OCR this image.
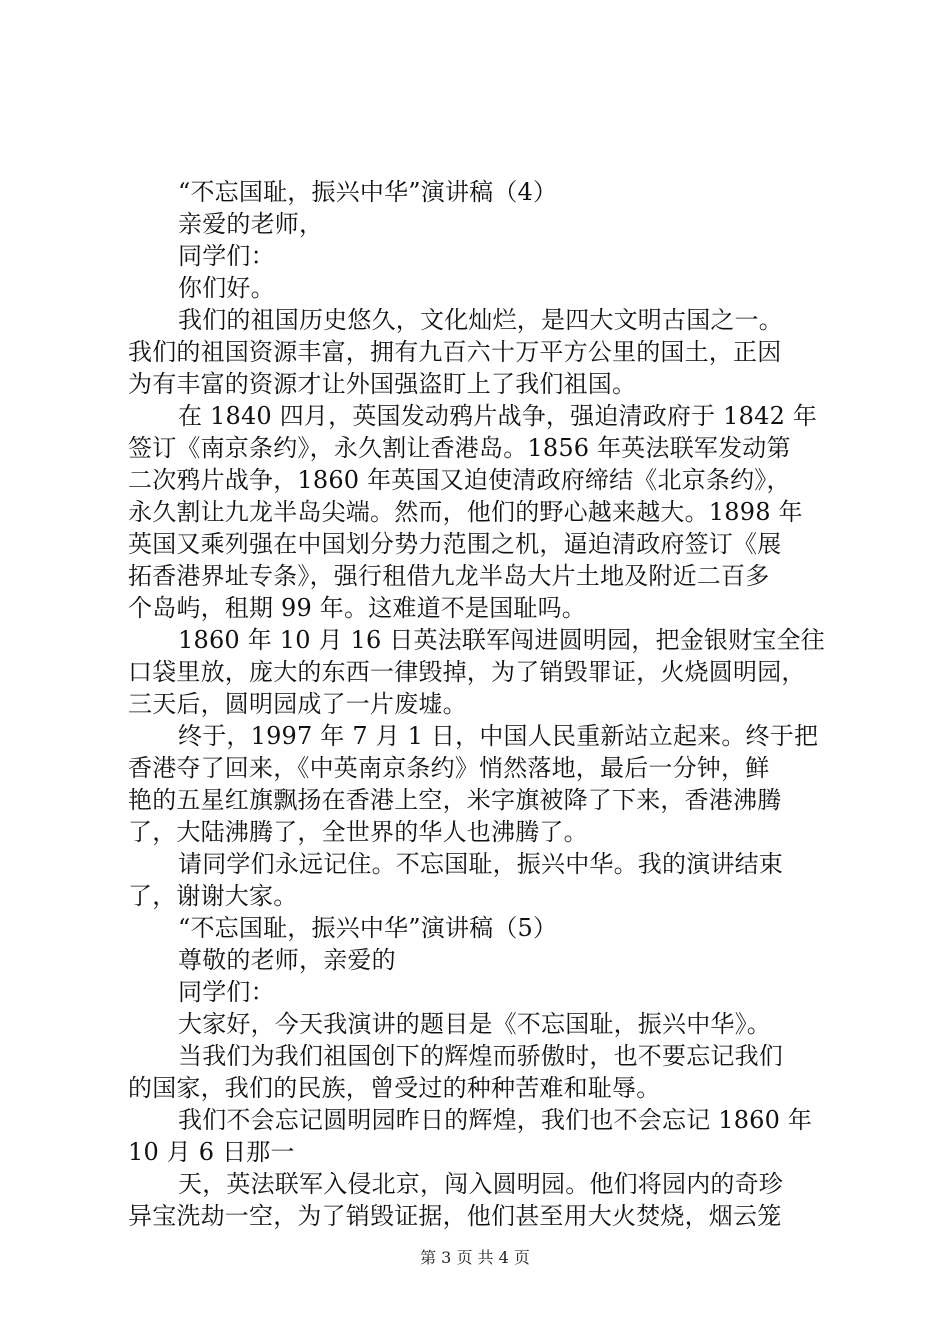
“不忘国耻，振兴中华”演讲稿（4）
亲爱的老师，
同学们：
你们好。
我们的祖国历史悠久，文化灿烂，是四大文明古国之一。
我们的祖国资源丰富，拥有九百六十万平方公里的国土，正因
为有丰富的资源才让外国强盗盯上了我们祖国。
在 1840 四月，英国发动鸦片战争，强迫清政府于 1842 年
签订《南京条约》，永久割让香港岛。1856 年英法联军发动第
二次鸦片战争，1860 年英国又迫使清政府缔结《北京条约》，
永久割让九龙半岛尖端。然而，他们的野心越来越大。1898 年
英国又乘列强在中国划分势力范围之机，逼迫清政府签订《展
拓香港界址专条》，强行租借九龙半岛大片土地及附近二百多
个岛屿，租期 99 年。这难道不是国耻吗。
1860 年 10 月 16 日英法联军闯进圆明园，把金银财宝全往
口袋里放，庞大的东西一律毁掉，为了销毁罪证，火烧圆明园，
三天后，圆明园成了一片废墟。
终于，1997 年 7 月 1 日，中国人民重新站立起来。终于把
香港夺了回来，《中英南京条约》悄然落地，最后一分钟，鲜
艳的五星红旗飘扬在香港上空，米字旗被降了下来，香港沸腾
了，大陆沸腾了，全世界的华人也沸腾了。
请同学们永远记住。不忘国耻，振兴中华。我的演讲结束
了，谢谢大家。
“不忘国耻，振兴中华”演讲稿（5）
尊敬的老师，亲爱的
同学们：
大家好，今天我演讲的题目是《不忘国耻，振兴中华》。
当我们为我们祖国创下的辉煌而骄傲时，也不要忘记我们
的国家，我们的民族，曾受过的种种苦难和耻辱。
我们不会忘记圆明园昨日的辉煌，我们也不会忘记 1860 年
10 月 6 日那一
天，英法联军入侵北京，闯入圆明园。他们将园内的奇珍
异宝洗劫一空，为了销毁证据，他们甚至用大火焚烧，烟云笼
第 3 页 共 4 页
